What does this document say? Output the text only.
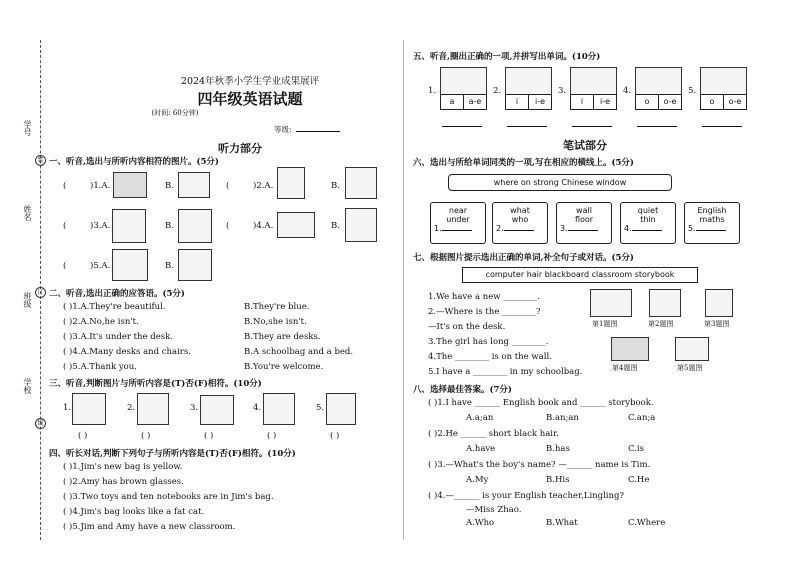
学号
姓名
班级
学校
装
订
线
2024年秋季小学生学业成果展评
四年级英语试题
(时间: 60分钟)
等级:
听力部分
一、听音,选出与所听内容相符的图片。(5分)
(	)1.A.	B.	(	)2.A.	B.
(	)3.A.	B.	(	)4.A.	B.
(	)5.A.	B.
二、听音,选出正确的应答语。(5分)
( )1.A.They're beautiful.	B.They're blue.
( )2.A.No,he isn't.	B.No,she isn't.
( )3.A.It's under the desk.	B.They are desks.
( )4.A.Many desks and chairs.	B.A schoolbag and a bed.
( )5.A.Thank you.	B.You're welcome.
三、听音,判断图片与所听内容是(T)否(F)相符。(10分)
1.	2.	3.	4.	5.
( )	( )	( )	( )	( )
四、听长对话,判断下列句子与所听内容是(T)否(F)相符。(10分)
( )1.Jim's new bag is yellow.
( )2.Amy has brown glasses.
( )3.Two toys and ten notebooks are in Jim's bag.
( )4.Jim's bag looks like a fat cat.
( )5.Jim and Amy have a new classroom.
五、听音,圈出正确的一项,并拼写出单词。(10分)
1.
a	a-e
2.
i	i-e
3.
i	i-e
4.
o	o-e
5.
o	o-e
笔试部分
六、选出与所给单词同类的一项,写在相应的横线上。(5分)
where on strong Chinese window
near
under
1.
what
who
2.
wall
floor
3.
quiet
thin
4.
English
maths
5.
七、根据图片提示选出正确的单词,补全句子或对话。(5分)
computer hair blackboard classroom storybook
1.We have a new ________.
2.—Where is the ________?
—It's on the desk.
3.The girl has long ________.
4.The ________ is on the wall.
5.I have a ________ in my schoolbag.
第1题图	第2题图	第3题图
第4题图	第5题图
八、选择最佳答案。(7分)
( )1.I have ______ English book and ______ storybook.
A.a;an	B.an;an	C.an;a
( )2.He ______ short black hair.
A.have	B.has	C.is
( )3.—What's the boy's name? —______ name is Tim.
A.My	B.His	C.He
( )4.—______ is your English teacher,Lingling?
—Miss Zhao.
A.Who	B.What	C.Where
